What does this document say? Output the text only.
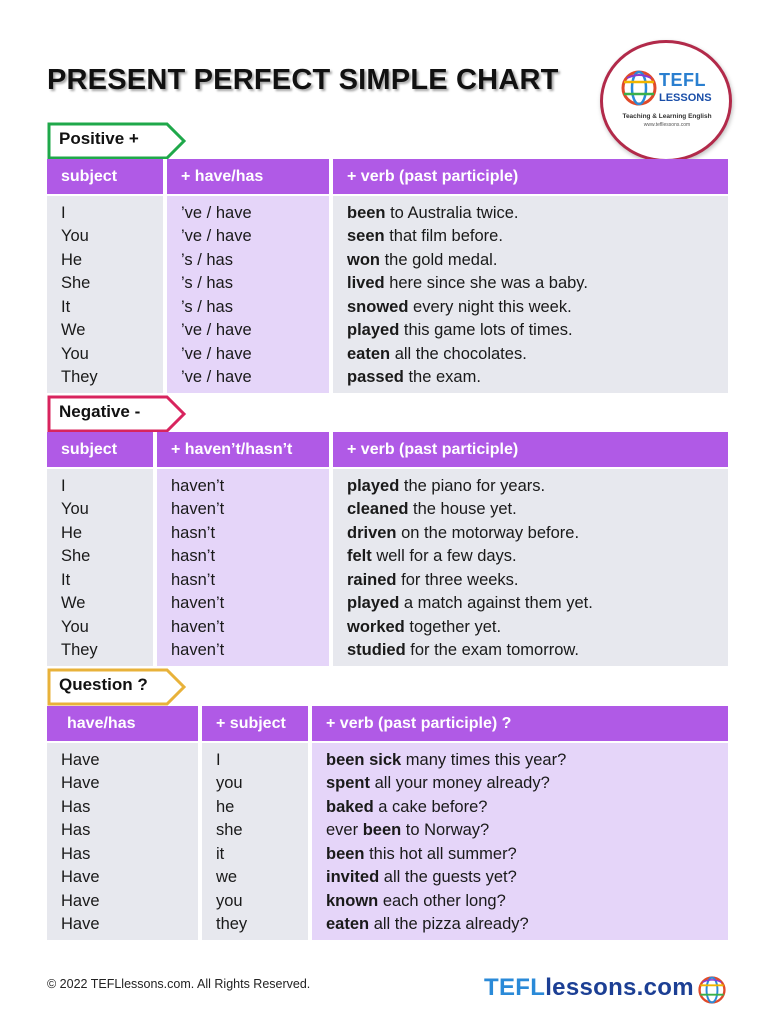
PRESENT PERFECT SIMPLE CHART	TEFL
LESSONS
Teaching & Learning English
www.tefllessons.com
Positive +
subject	+ have/has	+ verb (past participle)

I	’ve / have	been to Australia twice.
You	’ve / have	seen that film before.
He	’s / has	won the gold medal.
She	’s / has	lived here since she was a baby.
It	’s / has	snowed every night this week.
We	’ve / have	played this game lots of times.
You	’ve / have	eaten all the chocolates.
They	’ve / have	passed the exam.
Negative -
subject	+ haven’t/hasn’t	+ verb (past participle)

I	haven’t	played the piano for years.
You	haven’t	cleaned the house yet.
He	hasn’t	driven on the motorway before.
She	hasn’t	felt well for a few days.
It	hasn’t	rained for three weeks.
We	haven’t	played a match against them yet.
You	haven’t	worked together yet.
They	haven’t	studied for the exam tomorrow.
Question ?
have/has	+ subject	+ verb (past participle) ?

Have	I	been sick many times this year?
Have	you	spent all your money already?
Has	he	baked a cake before?
Has	she	ever been to Norway?
Has	it	been this hot all summer?
Have	we	invited all the guests yet?
Have	you	known each other long?
Have	they	eaten all the pizza already?
© 2022 TEFLlessons.com. All Rights Reserved.	TEFLlessons.com
